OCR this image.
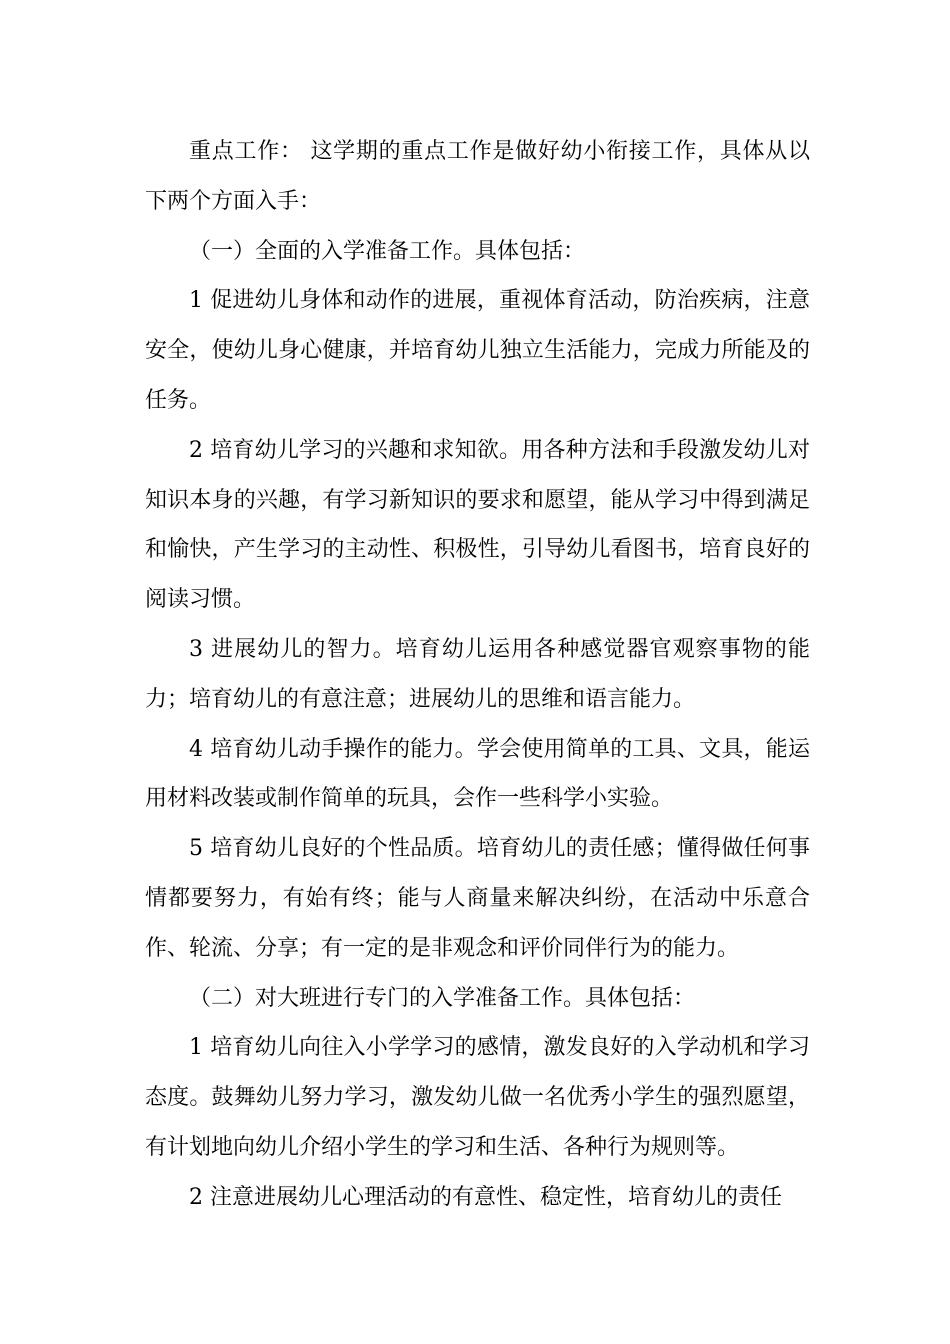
重点工作： 这学期的重点工作是做好幼小衔接工作，具体从以下两个方面入手：

（一）全面的入学准备工作。具体包括：

1 促进幼儿身体和动作的进展，重视体育活动，防治疾病，注意安全，使幼儿身心健康，并培育幼儿独立生活能力，完成力所能及的任务。

2 培育幼儿学习的兴趣和求知欲。用各种方法和手段激发幼儿对知识本身的兴趣，有学习新知识的要求和愿望，能从学习中得到满足和愉快，产生学习的主动性、积极性，引导幼儿看图书，培育良好的阅读习惯。

3 进展幼儿的智力。培育幼儿运用各种感觉器官观察事物的能力；培育幼儿的有意注意；进展幼儿的思维和语言能力。

4 培育幼儿动手操作的能力。学会使用简单的工具、文具，能运用材料改装或制作简单的玩具，会作一些科学小实验。

5 培育幼儿良好的个性品质。培育幼儿的责任感；懂得做任何事情都要努力，有始有终；能与人商量来解决纠纷，在活动中乐意合作、轮流、分享；有一定的是非观念和评价同伴行为的能力。

（二）对大班进行专门的入学准备工作。具体包括：

1 培育幼儿向往入小学学习的感情，激发良好的入学动机和学习态度。鼓舞幼儿努力学习，激发幼儿做一名优秀小学生的强烈愿望，有计划地向幼儿介绍小学生的学习和生活、各种行为规则等。

2 注意进展幼儿心理活动的有意性、稳定性，培育幼儿的责任
